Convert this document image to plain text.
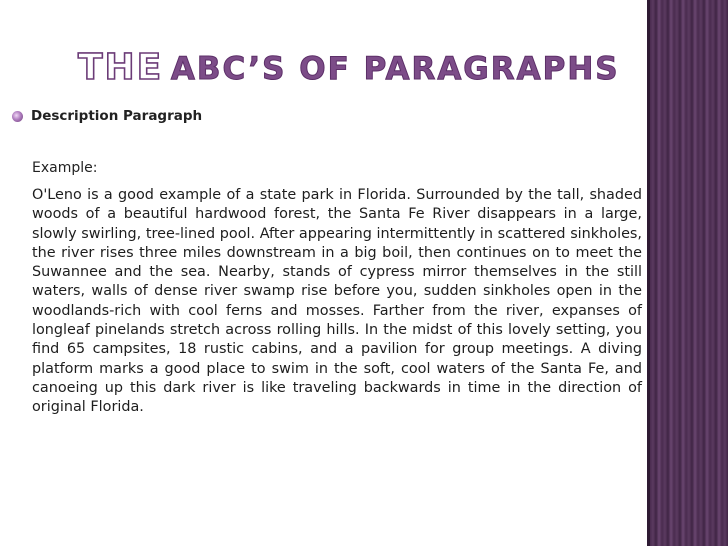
THE ABC’S OF PARAGRAPHS
Description Paragraph
Example:
O'Leno is a good example of a state park in Florida. Surrounded by the tall, shaded woods of a beautiful hardwood forest, the Santa Fe River disappears in a large, slowly swirling, tree-lined pool. After appearing intermittently in scattered sinkholes, the river rises three miles downstream in a big boil, then continues on to meet the Suwannee and the sea. Nearby, stands of cypress mirror themselves in the still waters, walls of dense river swamp rise before you, sudden sinkholes open in the woodlands-rich with cool ferns and mosses. Farther from the river, expanses of longleaf pinelands stretch across rolling hills. In the midst of this lovely setting, you find 65 campsites, 18 rustic cabins, and a pavilion for group meetings. A diving platform marks a good place to swim in the soft, cool waters of the Santa Fe, and canoeing up this dark river is like traveling backwards in time in the direction of original Florida.
